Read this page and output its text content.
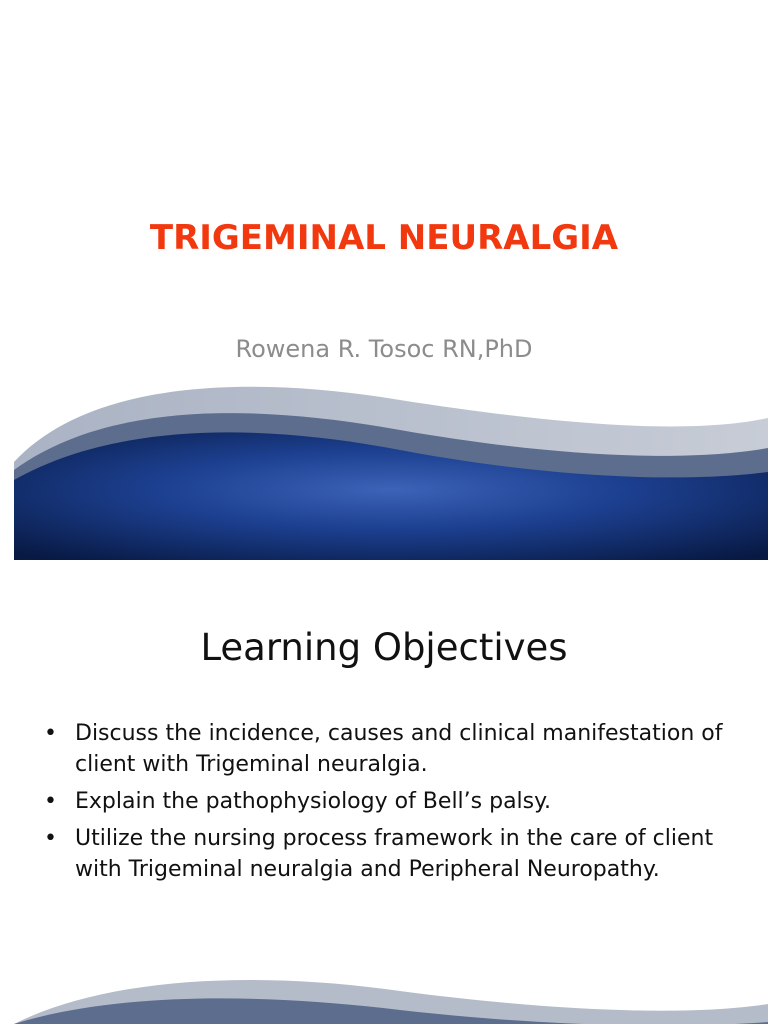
TRIGEMINAL NEURALGIA

Rowena R. Tosoc RN,PhD

Learning Objectives
• Discuss the incidence, causes and clinical manifestation of client with Trigeminal neuralgia.
• Explain the pathophysiology of Bell’s palsy.
• Utilize the nursing process framework in the care of client with Trigeminal neuralgia and Peripheral Neuropathy.
